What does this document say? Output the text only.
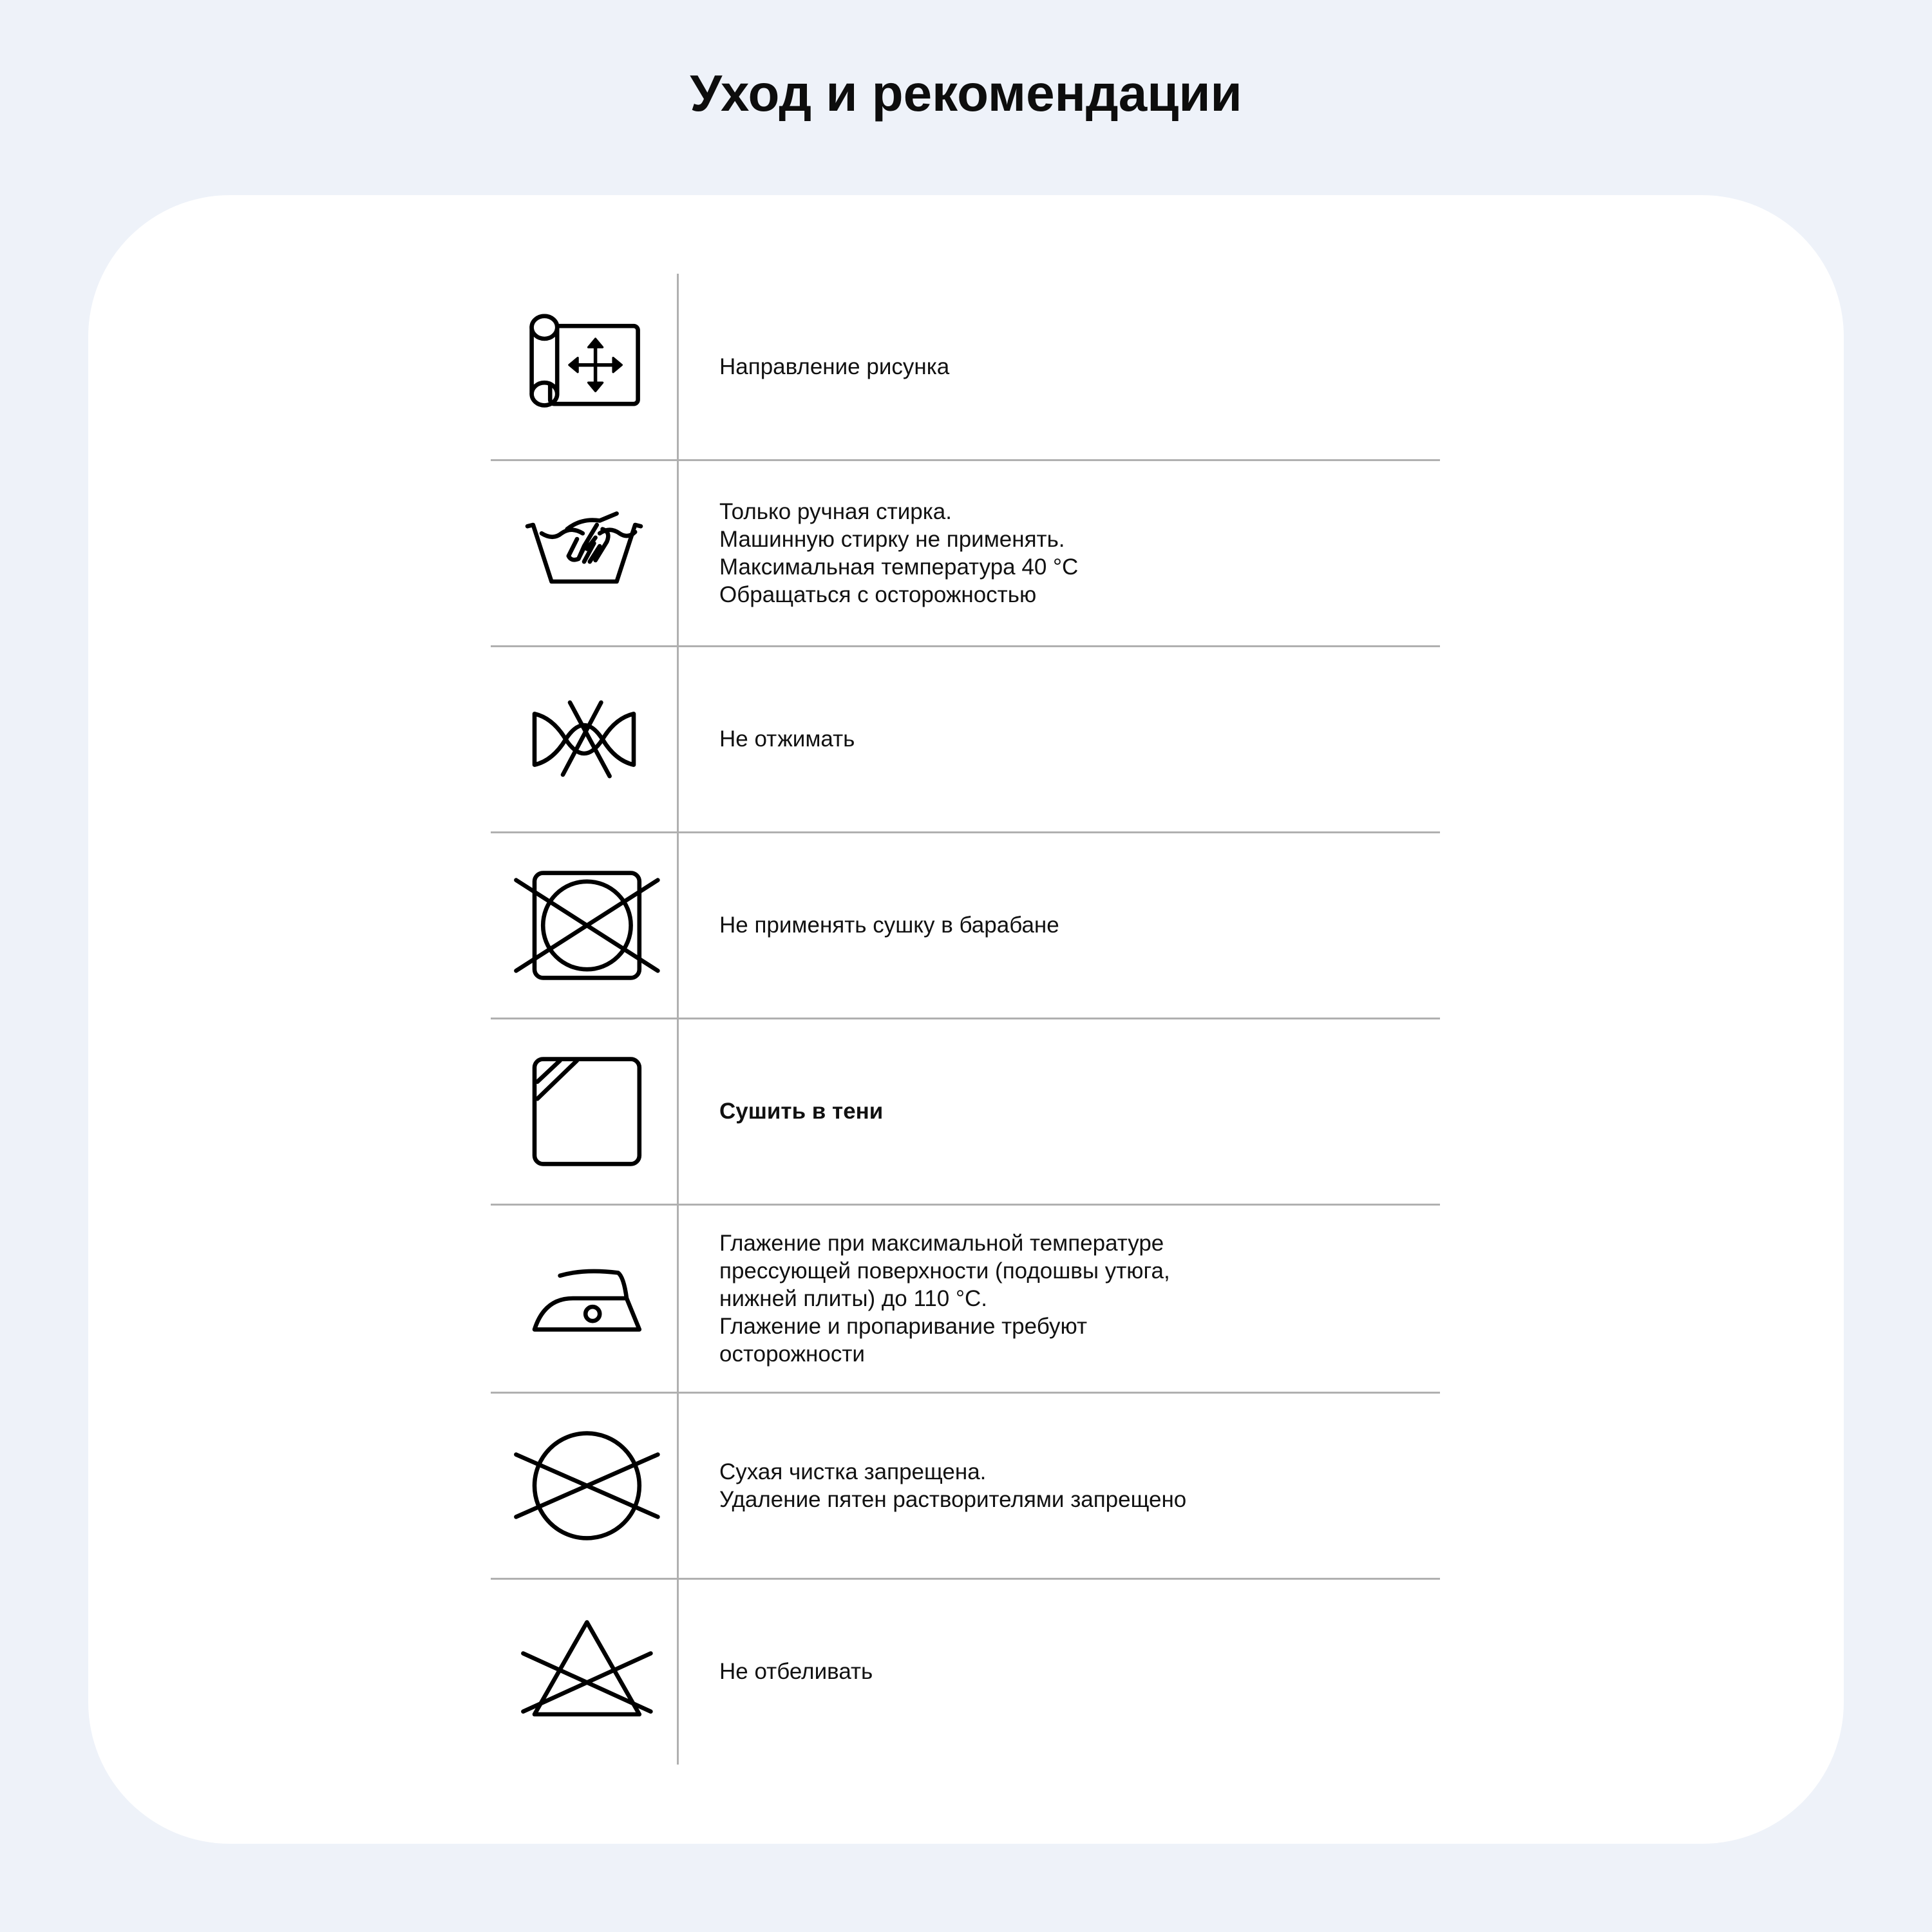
Уход и рекомендации
Направление рисунка
Только ручная стирка.
Машинную стирку не применять.
Максимальная температура 40 °C
Обращаться с осторожностью
Не отжимать
Не применять сушку в барабане
Сушить в тени
Глажение при максимальной температуре
прессующей поверхности (подошвы утюга,
нижней плиты) до 110 °C.
Глажение и пропаривание требуют
осторожности
Сухая чистка запрещена.
Удаление пятен растворителями запрещено
Не отбеливать
